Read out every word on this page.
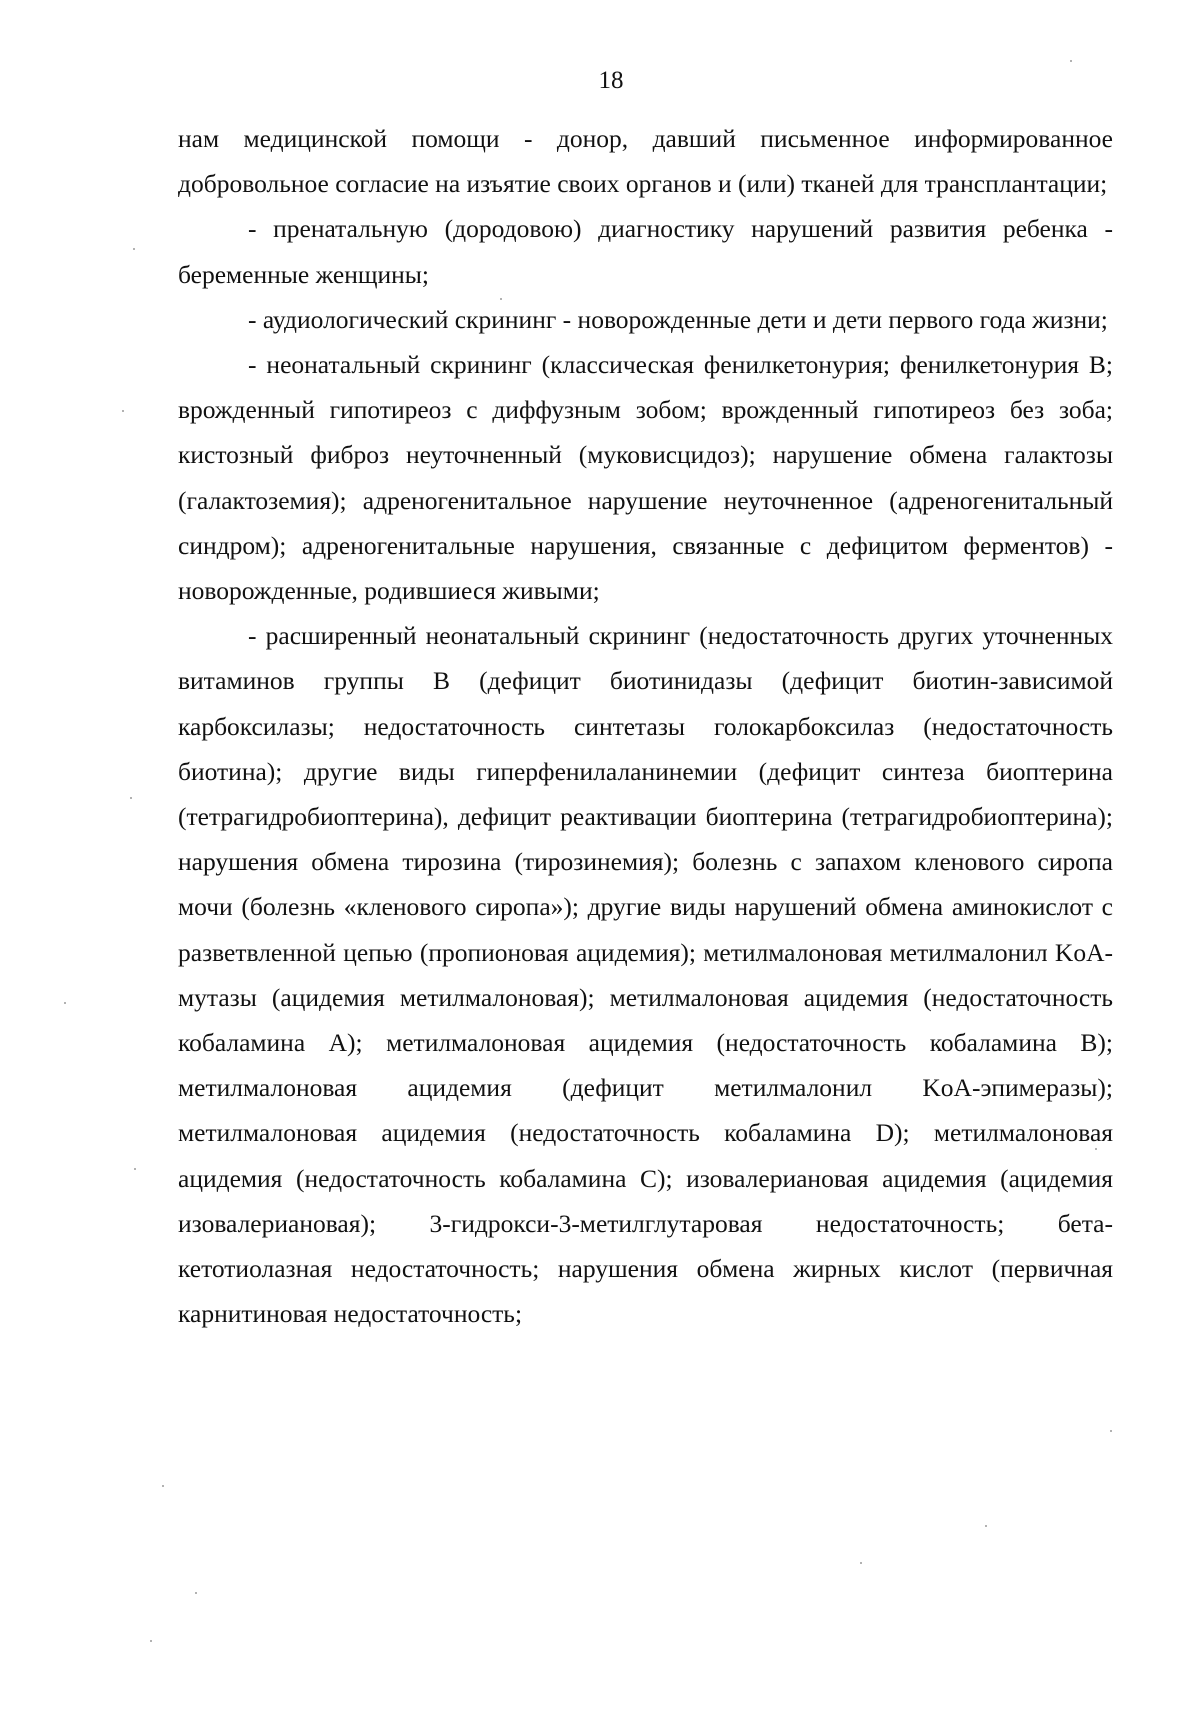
18

нам медицинской помощи - донор, давший письменное информированное добровольное согласие на изъятие своих органов и (или) тканей для трансплантации;

- пренатальную (дородовою) диагностику нарушений развития ребенка - беременные женщины;

- аудиологический скрининг - новорожденные дети и дети первого года жизни;

- неонатальный скрининг (классическая фенилкетонурия; фенилкетонурия B; врожденный гипотиреоз с диффузным зобом; врожденный гипотиреоз без зоба; кистозный фиброз неуточненный (муковисцидоз); нарушение обмена галактозы (галактоземия); адреногенитальное нарушение неуточненное (адреногенитальный синдром); адреногенитальные нарушения, связанные с дефицитом ферментов) - новорожденные, родившиеся живыми;

- расширенный неонатальный скрининг (недостаточность других уточненных витаминов группы B (дефицит биотинидазы (дефицит биотин-зависимой карбоксилазы; недостаточность синтетазы голокарбоксилаз (недостаточность биотина); другие виды гиперфенилаланинемии (дефицит синтеза биоптерина (тетрагидробиоптерина), дефицит реактивации биоптерина (тетрагидробиоптерина); нарушения обмена тирозина (тирозинемия); болезнь с запахом кленового сиропа мочи (болезнь «кленового сиропа»); другие виды нарушений обмена аминокислот с разветвленной цепью (пропионовая ацидемия); метилмалоновая метилмалонил KoA-мутазы (ацидемия метилмалоновая); метилмалоновая ацидемия (недостаточность кобаламина A); метилмалоновая ацидемия (недостаточность кобаламина B); метилмалоновая ацидемия (дефицит метилмалонил KoA-эпимеразы); метилмалоновая ацидемия (недостаточность кобаламина D); метилмалоновая ацидемия (недостаточность кобаламина C); изовалериановая ацидемия (ацидемия изовалериановая); 3-гидрокси-3-метилглутаровая недостаточность; бета-кетотиолазная недостаточность; нарушения обмена жирных кислот (первичная карнитиновая недостаточность;
